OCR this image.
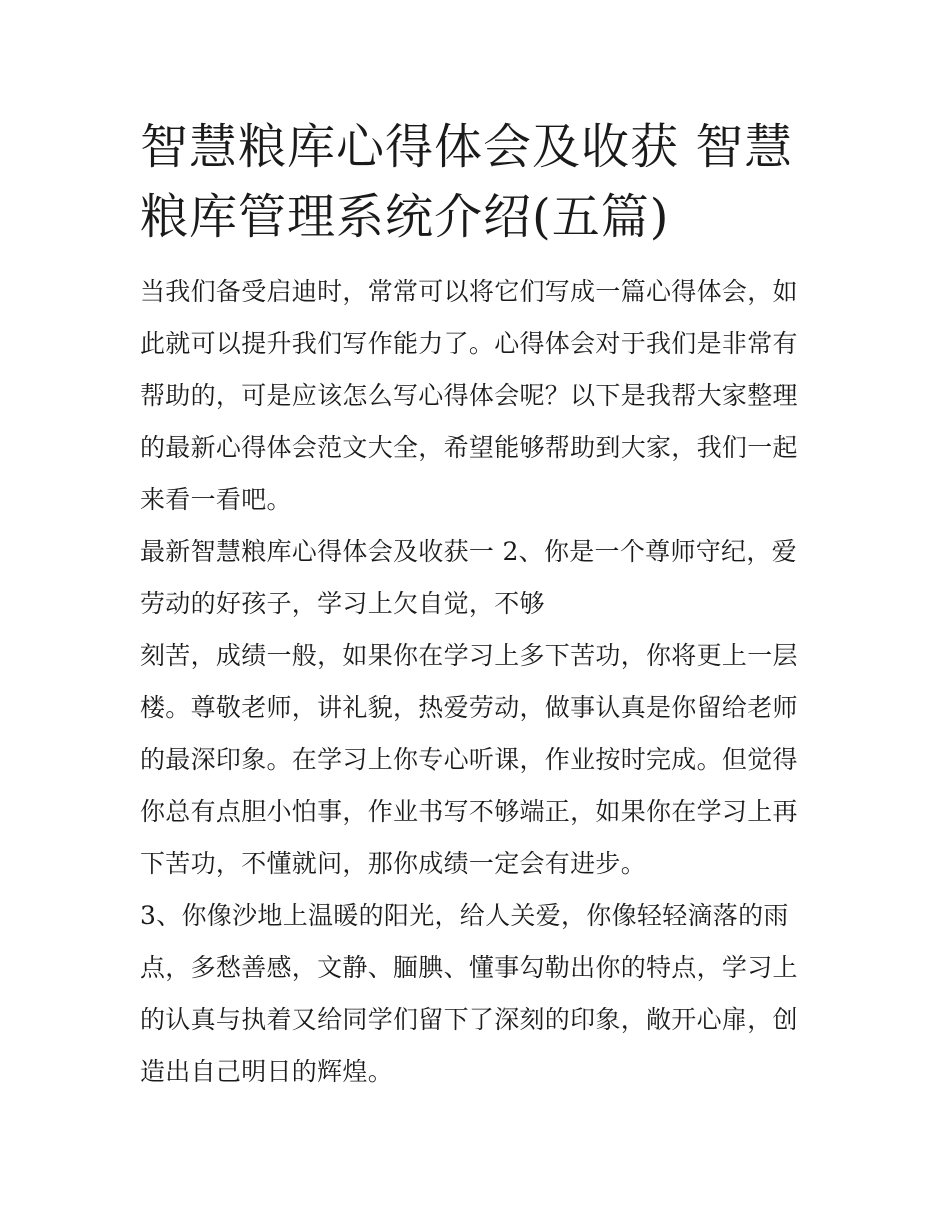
智慧粮库心得体会及收获 智慧粮库管理系统介绍(五篇)

当我们备受启迪时，常常可以将它们写成一篇心得体会，如此就可以提升我们写作能力了。心得体会对于我们是非常有帮助的，可是应该怎么写心得体会呢？以下是我帮大家整理的最新心得体会范文大全，希望能够帮助到大家，我们一起来看一看吧。

最新智慧粮库心得体会及收获一 2、你是一个尊师守纪，爱劳动的好孩子，学习上欠自觉，不够

刻苦，成绩一般，如果你在学习上多下苦功，你将更上一层楼。尊敬老师，讲礼貌，热爱劳动，做事认真是你留给老师的最深印象。在学习上你专心听课，作业按时完成。但觉得你总有点胆小怕事，作业书写不够端正，如果你在学习上再下苦功，不懂就问，那你成绩一定会有进步。

3、你像沙地上温暖的阳光，给人关爱，你像轻轻滴落的雨点，多愁善感，文静、腼腆、懂事勾勒出你的特点，学习上的认真与执着又给同学们留下了深刻的印象，敞开心扉，创造出自己明日的辉煌。
